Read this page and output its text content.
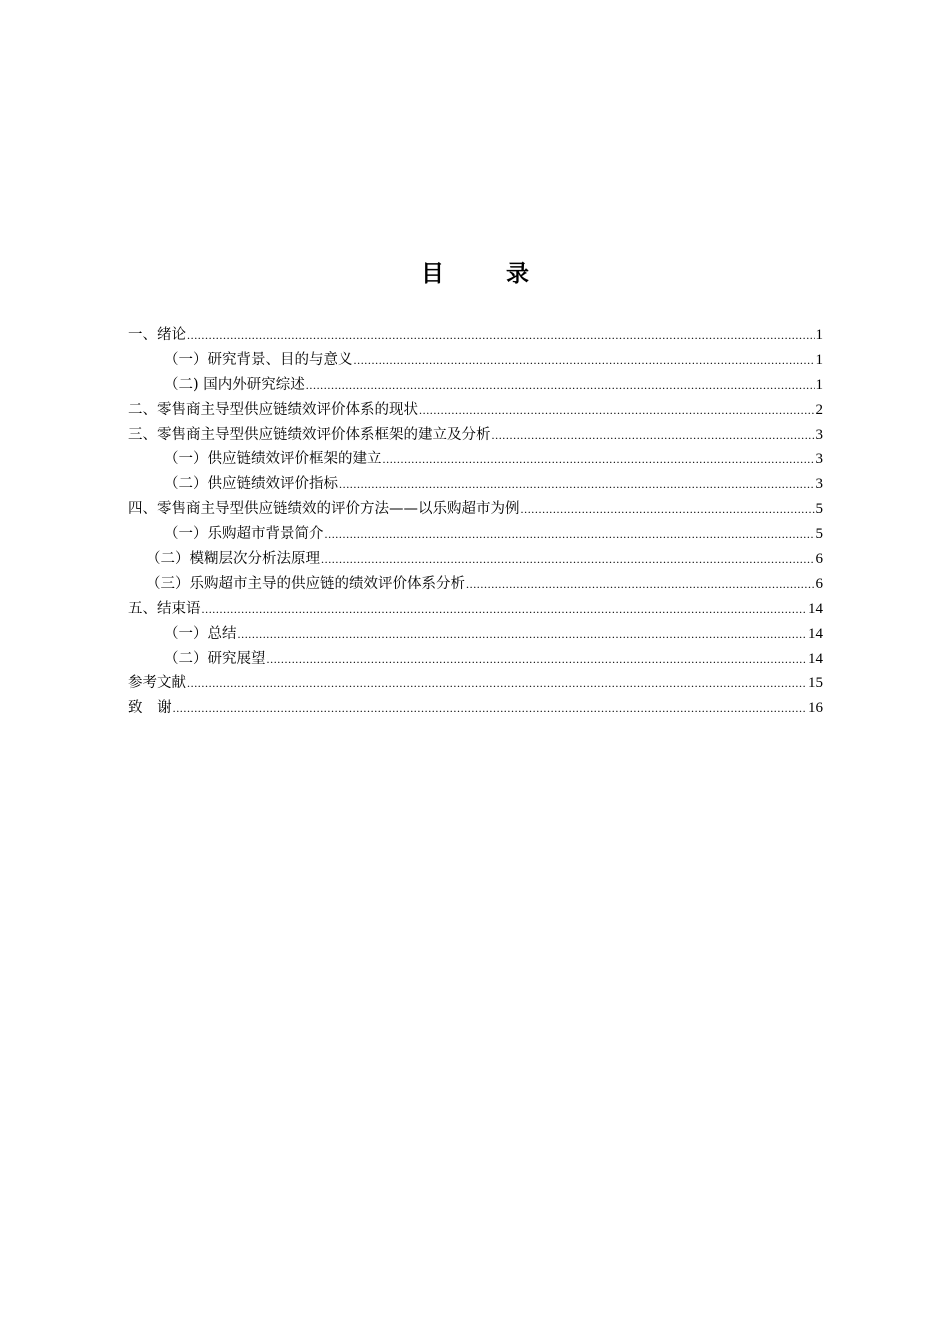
目 录
一、绪论 .....	1
（一）研究背景、目的与意义 .....	1
（二) 国内外研究综述 .....	1
二、零售商主导型供应链绩效评价体系的现状 .....	2
三、零售商主导型供应链绩效评价体系框架的建立及分析 .....	3
（一）供应链绩效评价框架的建立 .....	3
（二）供应链绩效评价指标 .....	3
四、零售商主导型供应链绩效的评价方法——以乐购超市为例 .....	5
（一）乐购超市背景简介 .....	5
（二）模糊层次分析法原理 .....	6
（三）乐购超市主导的供应链的绩效评价体系分析 .....	6
五、结束语 .....	14
（一）总结 .....	14
（二）研究展望 .....	14
参考文献 .....	15
致 谢 .....	16
